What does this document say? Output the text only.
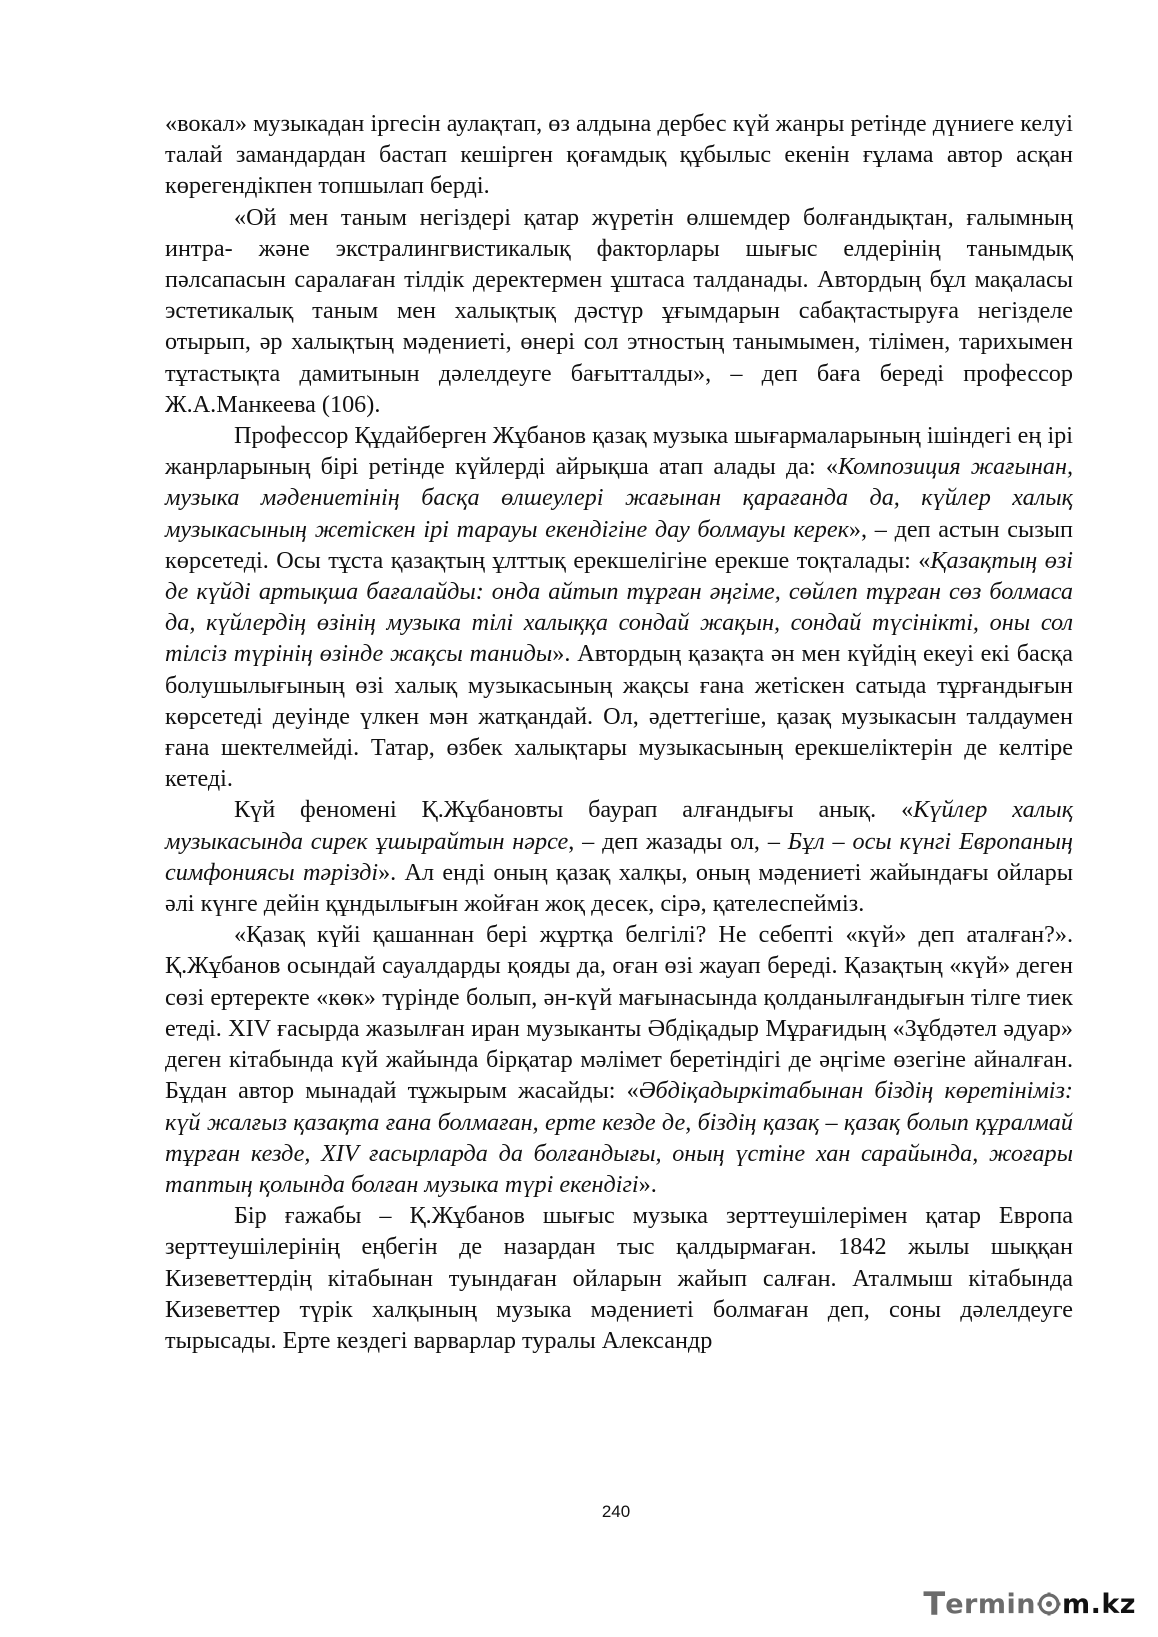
«вокал» музыкадан іргесін аулақтап, өз алдына дербес күй жанры ретінде дүниеге келуі талай замандардан бастап кешірген қоғамдық құбылыс екенін ғұлама автор асқан көрегендікпен топшылап берді.

«Ой мен таным негіздері қатар жүретін өлшемдер болғандықтан, ғалымның интра- және экстралингвистикалық факторлары шығыс елдерінің танымдық пәлсапасын саралаған тілдік деректермен ұштаса талданады. Автордың бұл мақаласы эстетикалық таным мен халықтық дәстүр ұғымдарын сабақтастыруға негізделе отырып, әр халықтың мәдениеті, өнері сол этностың танымымен, тілімен, тарихымен тұтастықта дамитынын дәлелдеуге бағытталды», – деп баға береді профессор Ж.А.Манкеева (106).

Профессор Құдайберген Жұбанов қазақ музыка шығармаларының ішіндегі ең ірі жанрларының бірі ретінде күйлерді айрықша атап алады да: «Композиция жағынан, музыка мәдениетінің басқа өлшеулері жағынан қарағанда да, күйлер халық музыкасының жетіскен ірі тарауы екендігіне дау болмауы керек», – деп астын сызып көрсетеді. Осы тұста қазақтың ұлттық ерекшелігіне ерекше тоқталады: «Қазақтың өзі де күйді артықша бағалайды: онда айтып тұрған әңгіме, сөйлеп тұрған сөз болмаса да, күйлердің өзінің музыка тілі халыққа сондай жақын, сондай түсінікті, оны сол тілсіз түрінің өзінде жақсы таниды». Автордың қазақта ән мен күйдің екеуі екі басқа болушылығының өзі халық музыкасының жақсы ғана жетіскен сатыда тұрғандығын көрсетеді деуінде үлкен мән жатқандай. Ол, әдеттегіше, қазақ музыкасын талдаумен ғана шектелмейді. Татар, өзбек халықтары музыкасының ерекшеліктерін де келтіре кетеді.

Күй феномені Қ.Жұбановты баурап алғандығы анық. «Күйлер халық музыкасында сирек ұшырайтын нәрсе, – деп жазады ол, – Бұл – осы күнгі Европаның симфониясы тәрізді». Ал енді оның қазақ халқы, оның мәдениеті жайындағы ойлары әлі күнге дейін құндылығын жойған жоқ десек, сірә, қателеспейміз.

«Қазақ күйі қашаннан бері жұртқа белгілі? Не себепті «күй» деп аталған?». Қ.Жұбанов осындай сауалдарды қояды да, оған өзі жауап береді. Қазақтың «күй» деген сөзі ертеректе «көк» түрінде болып, ән-күй мағынасында қолданылғандығын тілге тиек етеді. XIV ғасырда жазылған иран музыканты Әбдіқадыр Мұрағидың «Зұбдәтел әдуар» деген кітабында күй жайында бірқатар мәлімет беретіндігі де әңгіме өзегіне айналған. Бұдан автор мынадай тұжырым жасайды: «Әбдіқадыркітабынан біздің көретініміз: күй жалғыз қазақта ғана болмаған, ерте кезде де, біздің қазақ – қазақ болып құралмай тұрған кезде, XIV ғасырларда да болғандығы, оның үстіне хан сарайында, жоғары таптың қолында болған музыка түрі екендігі».

Бір ғажабы – Қ.Жұбанов шығыс музыка зерттеушілерімен қатар Европа зерттеушілерінің еңбегін де назардан тыс қалдырмаған. 1842 жылы шыққан Кизеветтердің кітабынан туындаған ойларын жайып салған. Аталмыш кітабында Кизеветтер түрік халқының музыка мәдениеті болмаған деп, соны дәлелдеуге тырысады. Ерте кездегі варварлар туралы Александр

240
T ermin m.kz
